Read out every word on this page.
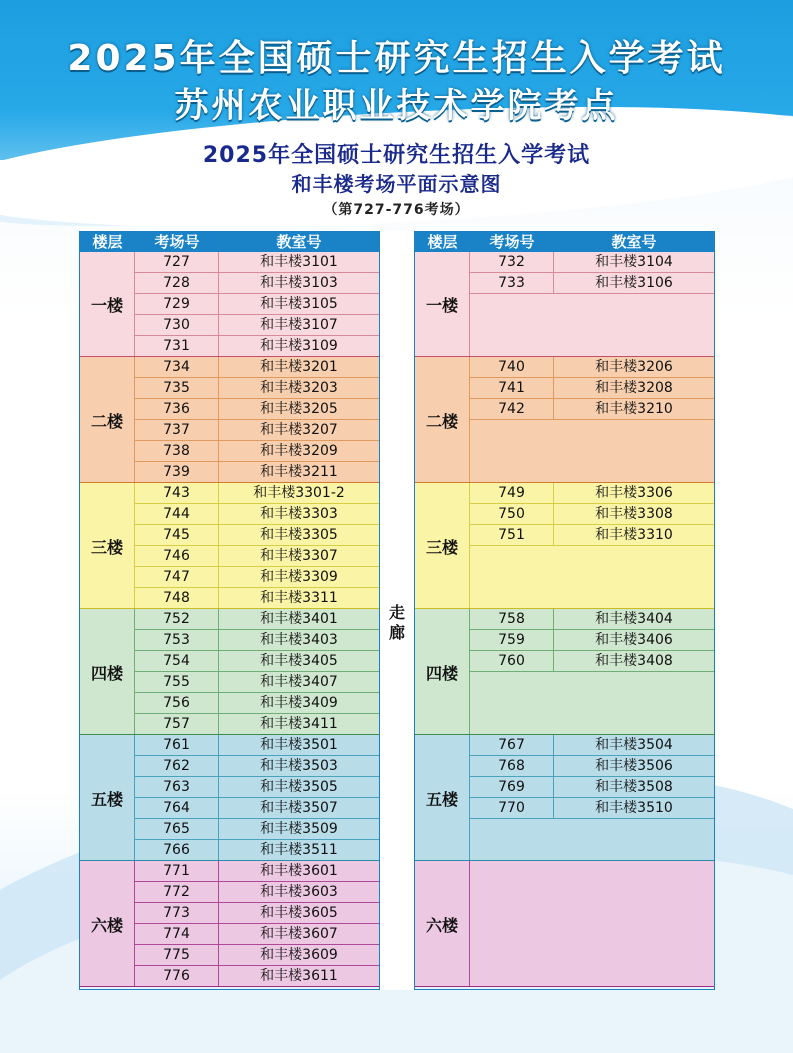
2025年全国硕士研究生招生入学考试
苏州农业职业技术学院考点
2025年全国硕士研究生招生入学考试
和丰楼考场平面示意图
（第727-776考场）
楼层	考场号	教室号
一楼
727	和丰楼3101
728	和丰楼3103
729	和丰楼3105
730	和丰楼3107
731	和丰楼3109
二楼
734	和丰楼3201
735	和丰楼3203
736	和丰楼3205
737	和丰楼3207
738	和丰楼3209
739	和丰楼3211
三楼
743	和丰楼3301-2
744	和丰楼3303
745	和丰楼3305
746	和丰楼3307
747	和丰楼3309
748	和丰楼3311
四楼
752	和丰楼3401
753	和丰楼3403
754	和丰楼3405
755	和丰楼3407
756	和丰楼3409
757	和丰楼3411
五楼
761	和丰楼3501
762	和丰楼3503
763	和丰楼3505
764	和丰楼3507
765	和丰楼3509
766	和丰楼3511
六楼
771	和丰楼3601
772	和丰楼3603
773	和丰楼3605
774	和丰楼3607
775	和丰楼3609
776	和丰楼3611
走
廊
楼层	考场号	教室号
一楼
732	和丰楼3104
733	和丰楼3106
二楼
740	和丰楼3206
741	和丰楼3208
742	和丰楼3210
三楼
749	和丰楼3306
750	和丰楼3308
751	和丰楼3310
四楼
758	和丰楼3404
759	和丰楼3406
760	和丰楼3408
五楼
767	和丰楼3504
768	和丰楼3506
769	和丰楼3508
770	和丰楼3510
六楼
